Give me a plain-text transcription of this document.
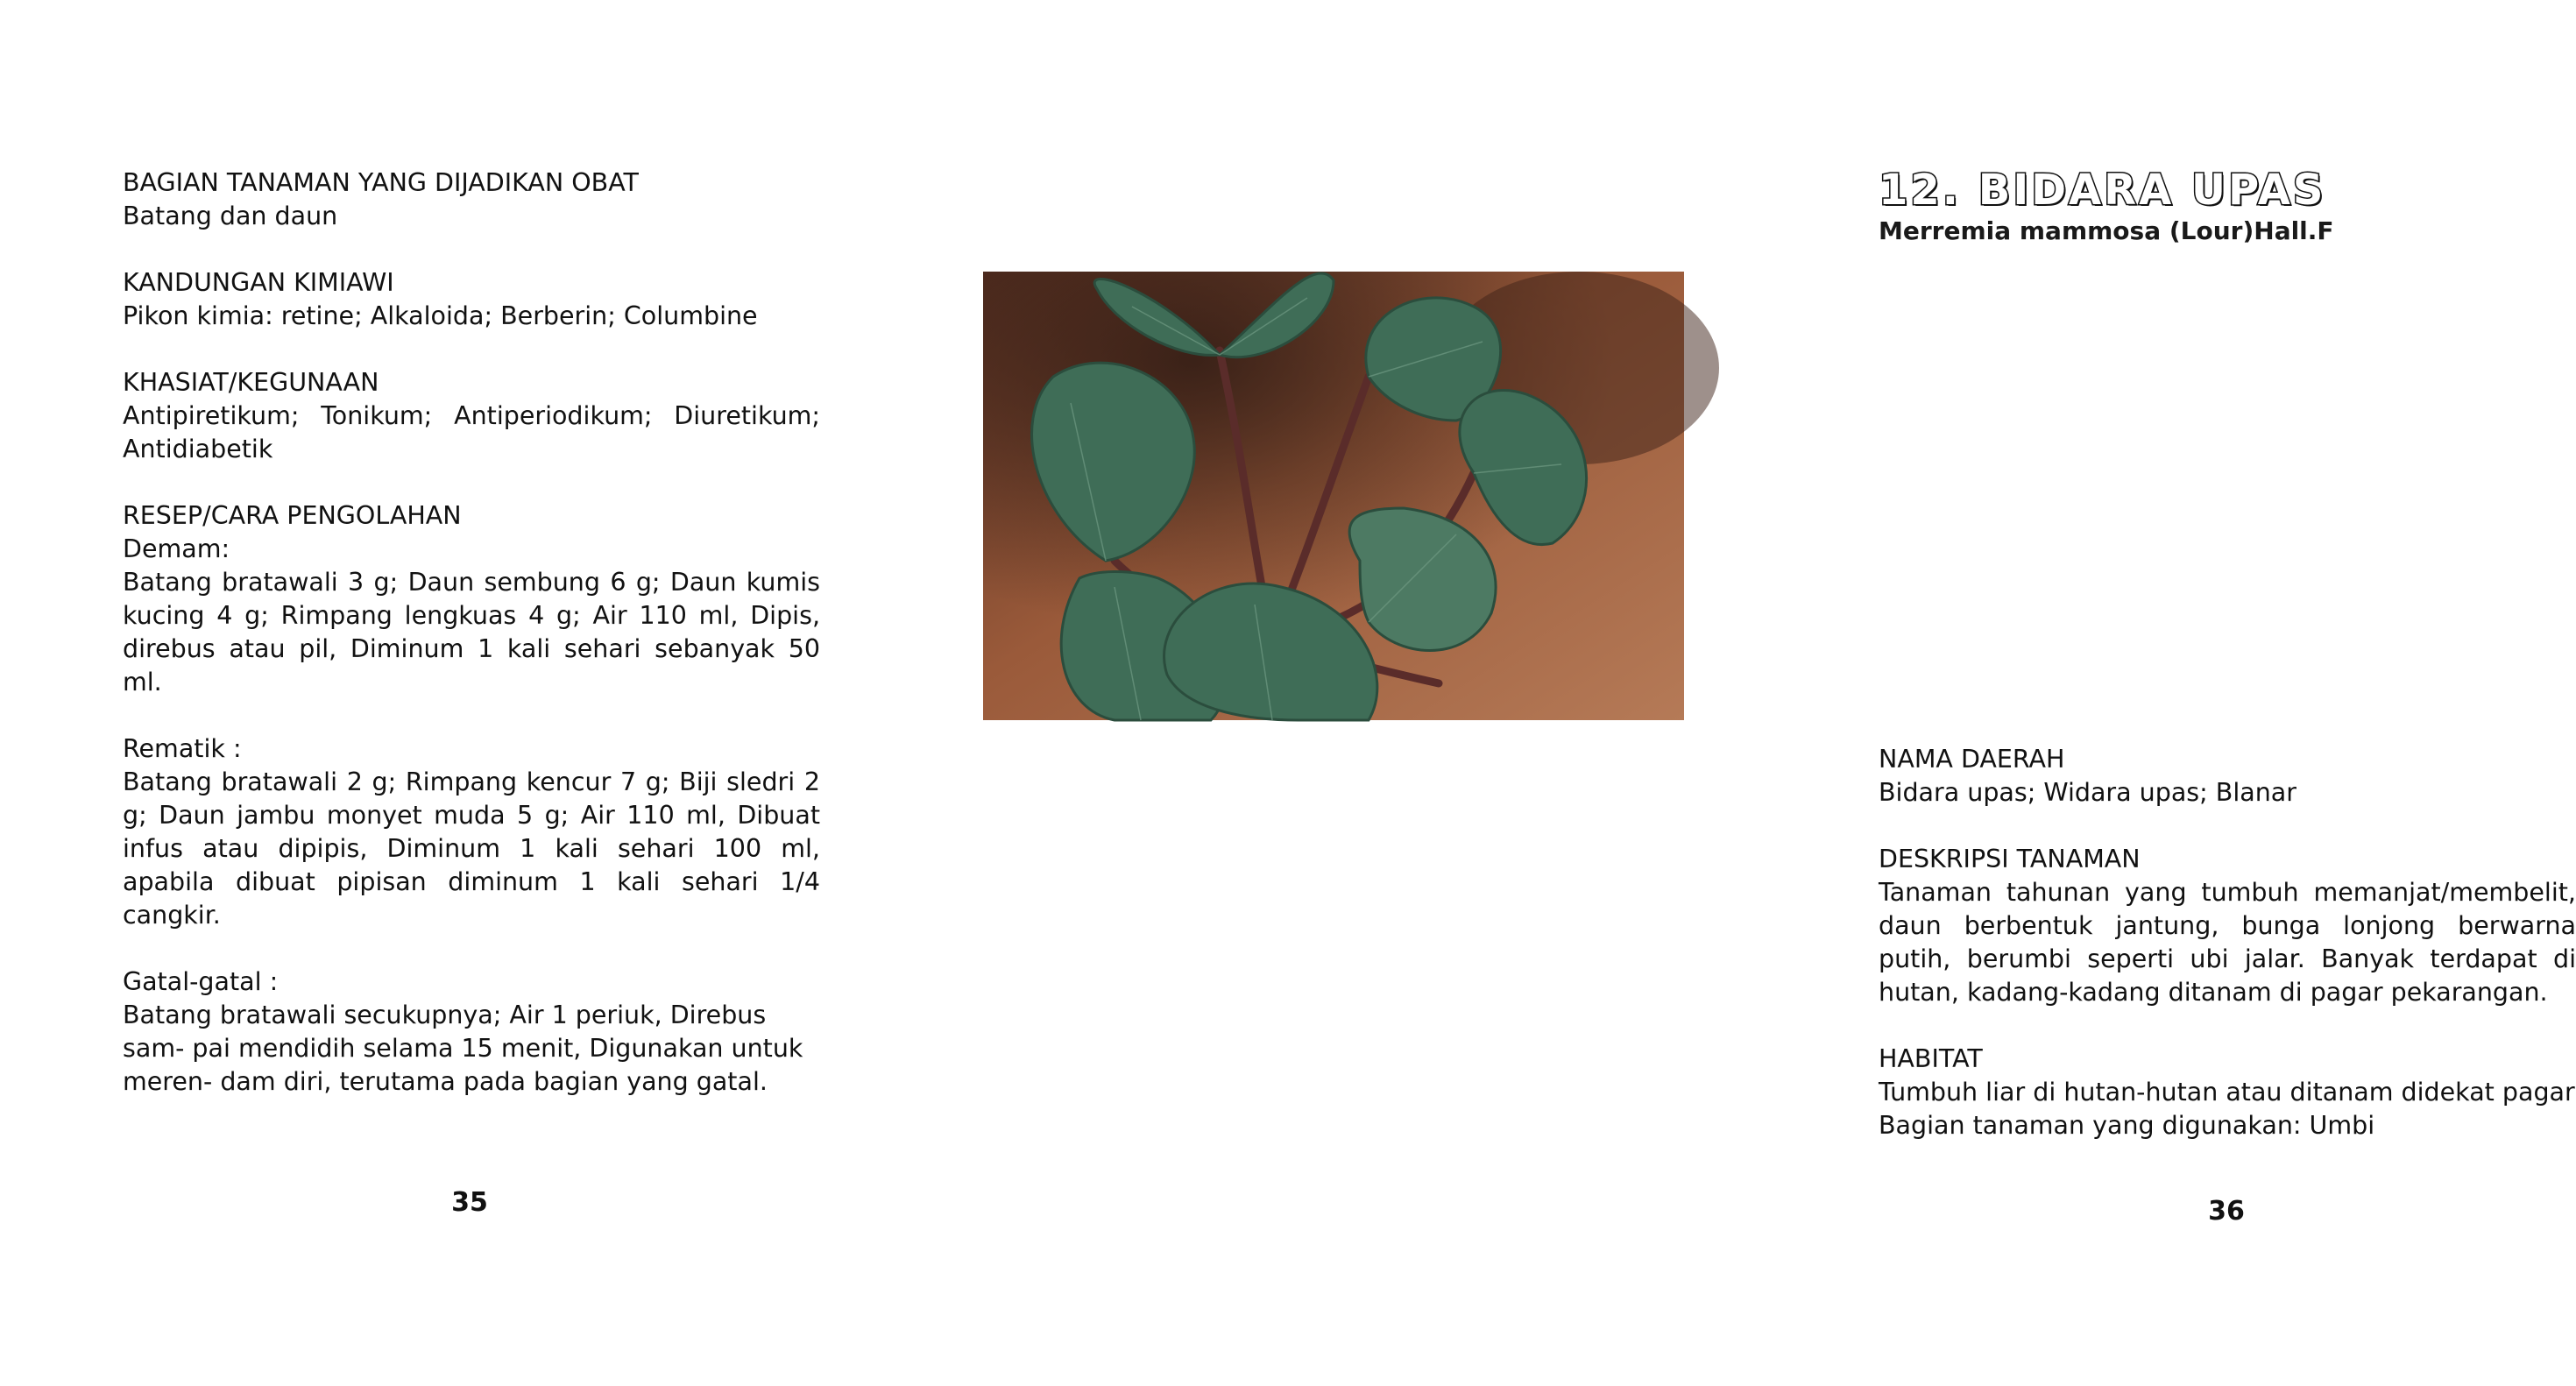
BAGIAN TANAMAN YANG DIJADIKAN OBAT

Batang dan daun

KANDUNGAN KIMIAWI

Pikon kimia: retine; Alkaloida; Berberin; Columbine

KHASIAT/KEGUNAAN

Antipiretikum; Tonikum; Antiperiodikum; Diuretikum; Antidiabetik

RESEP/CARA PENGOLAHAN

Demam:

Batang bratawali 3 g; Daun sembung 6 g; Daun kumis kucing 4 g; Rimpang lengkuas 4 g; Air 110 ml, Dipis, direbus atau pil, Diminum 1 kali sehari sebanyak 50 ml.

Rematik :

Batang bratawali 2 g; Rimpang kencur 7 g; Biji sledri 2 g; Daun jambu monyet muda 5 g; Air 110 ml, Dibuat infus atau dipipis, Diminum 1 kali sehari 100 ml, apabila dibuat pipisan diminum 1 kali sehari 1/4 cangkir.

Gatal-gatal :

Batang bratawali secukupnya; Air 1 periuk, Direbus sam- pai mendidih selama 15 menit, Digunakan untuk meren- dam diri, terutama pada bagian yang gatal.

35

12. BIDARA UPAS

Merremia mammosa (Lour)Hall.F

NAMA DAERAH

Bidara upas; Widara upas; Blanar

DESKRIPSI TANAMAN

Tanaman tahunan yang tumbuh memanjat/membelit, daun berbentuk jantung, bunga lonjong berwarna putih, berumbi seperti ubi jalar. Banyak terdapat di hutan, kadang-kadang ditanam di pagar pekarangan.

HABITAT

Tumbuh liar di hutan-hutan atau ditanam didekat pagar

Bagian tanaman yang digunakan: Umbi

36
